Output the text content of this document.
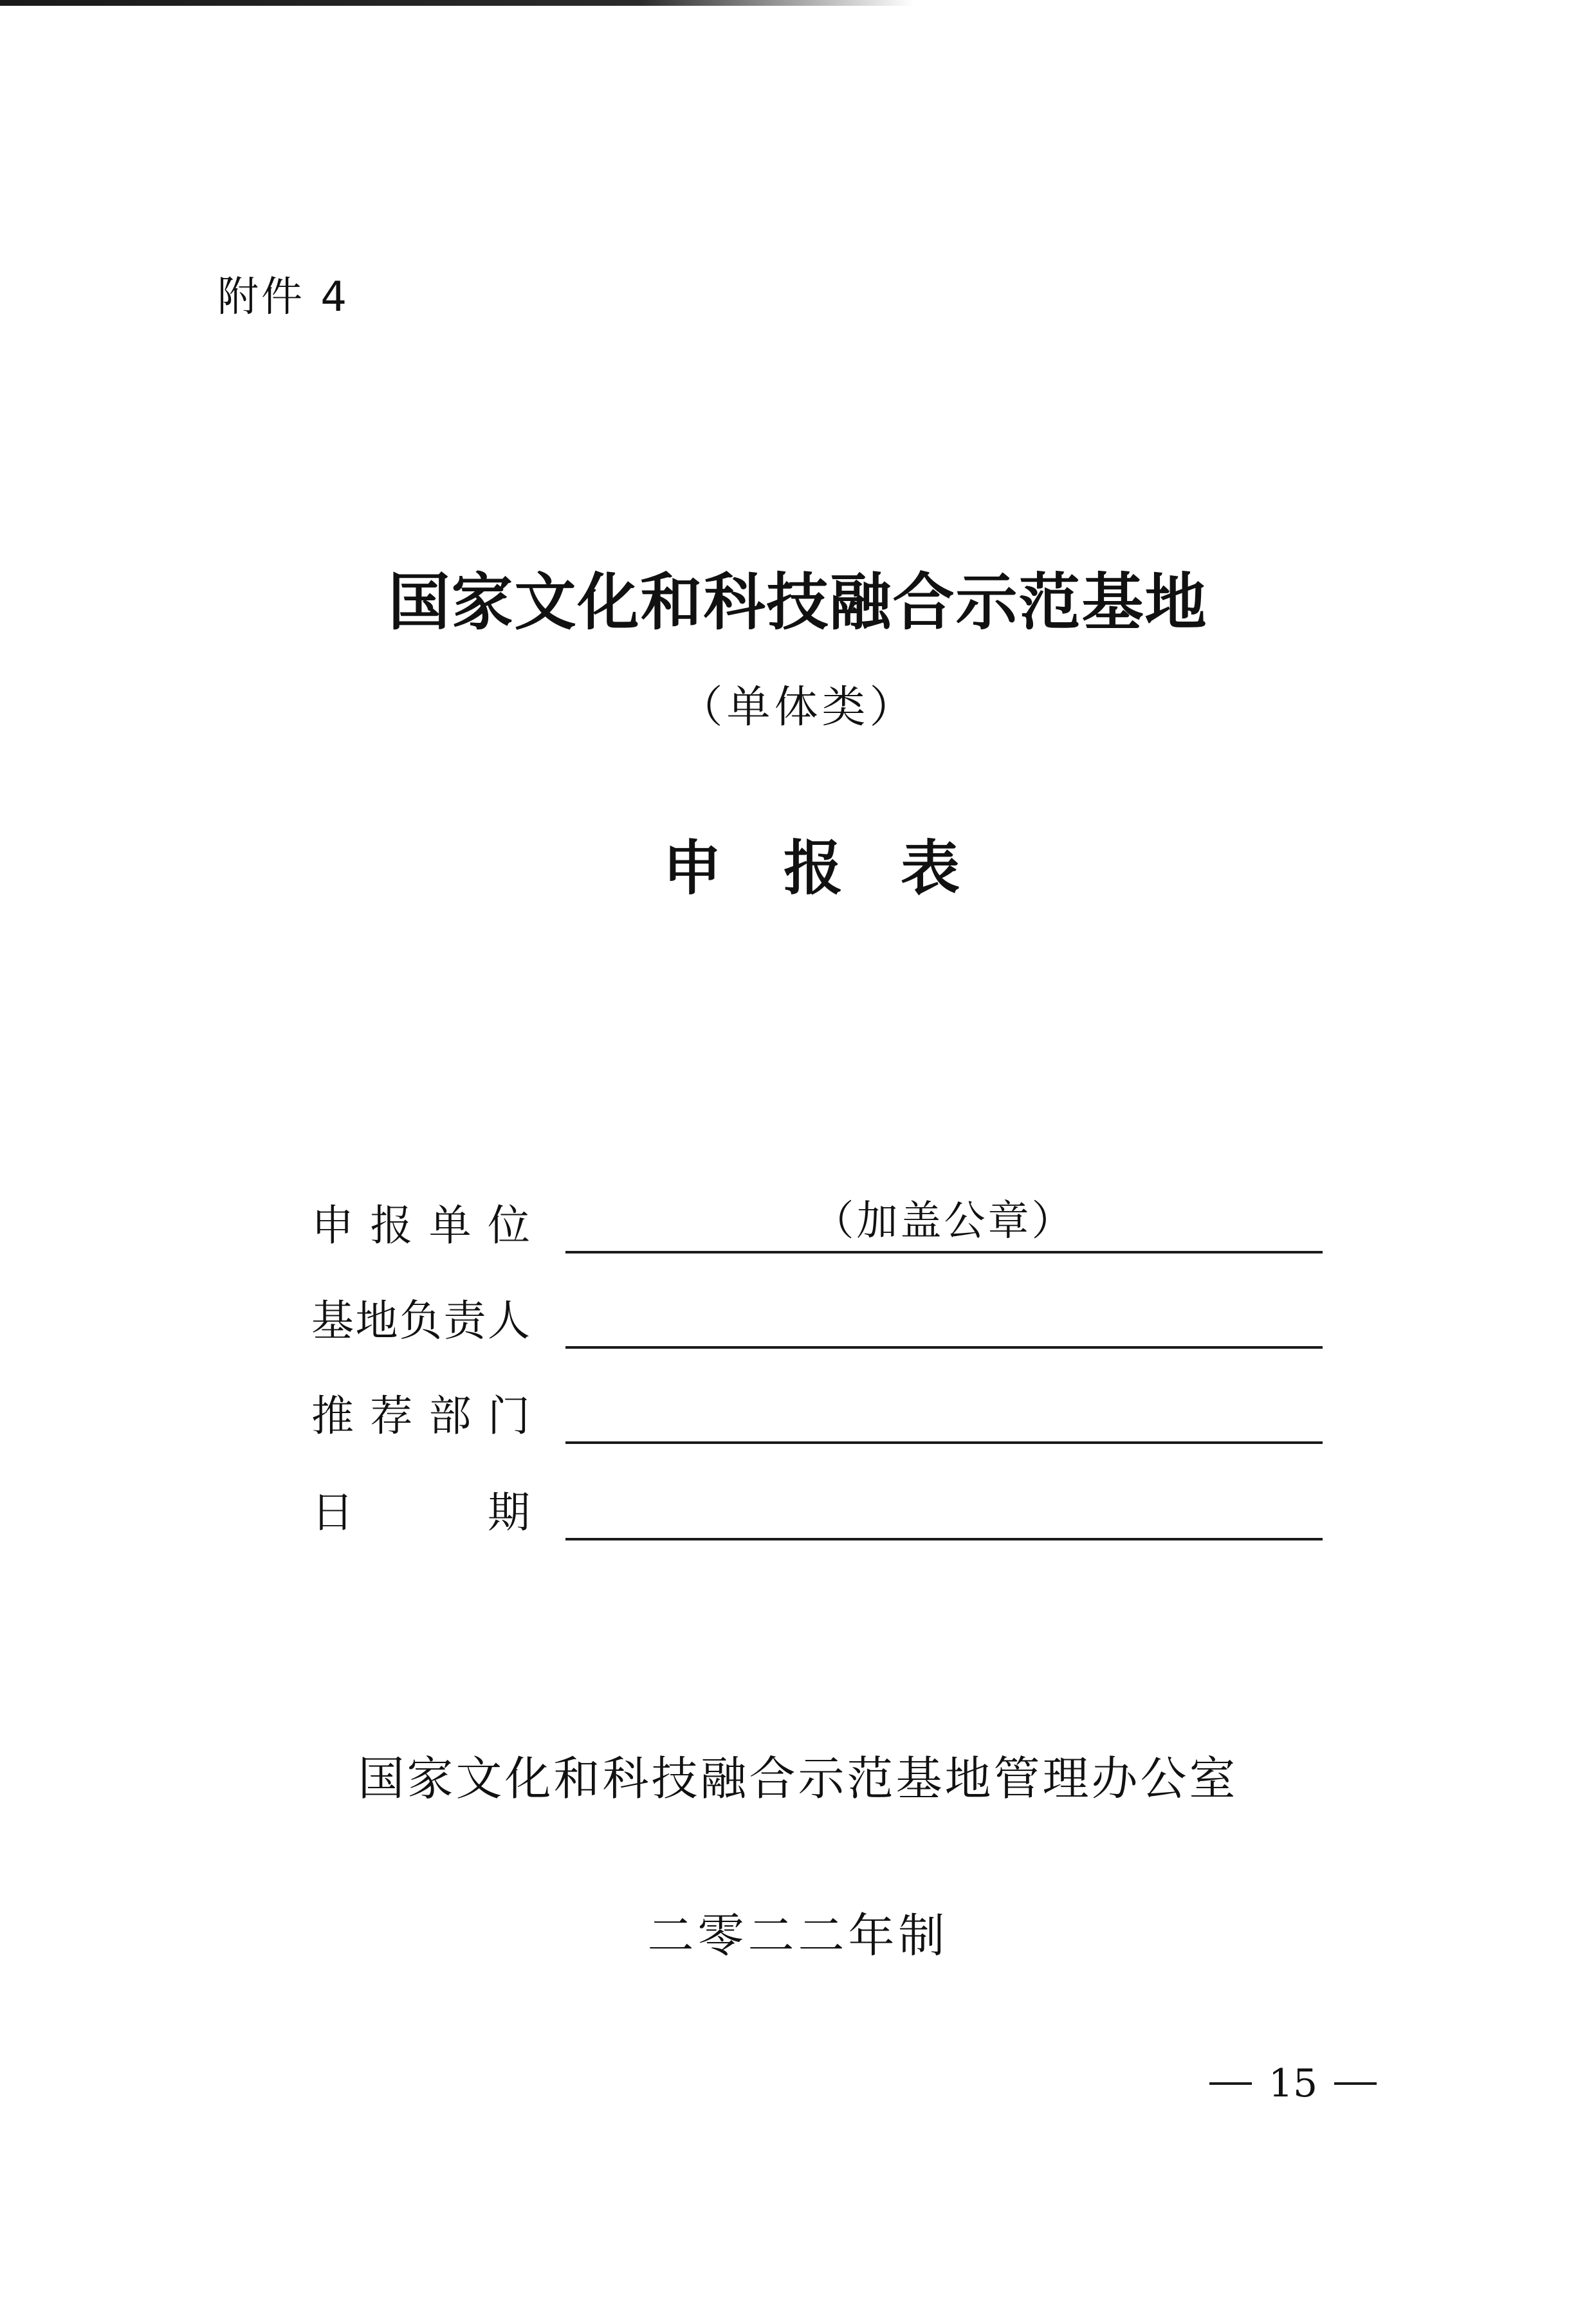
附件 4
国家文化和科技融合示范基地
（单体类）
申 报 表
申 报 单 位	（加盖公章）
基 地 负 责 人
推 荐 部 门
日	期
国家文化和科技融合示范基地管理办公室
二零二二年制
15
